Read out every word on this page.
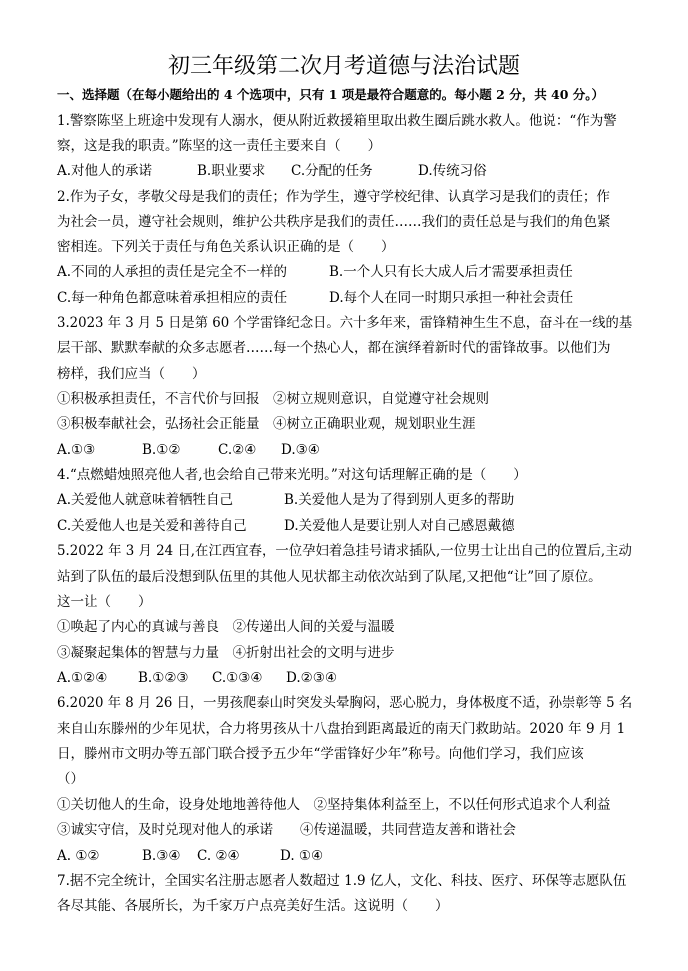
初三年级第二次月考道德与法治试题
一、选择题（在每小题给出的 4 个选项中，只有 1 项是最符合题意的。每小题 2 分，共 40 分。）
1.警察陈坚上班途中发现有人溺水，便从附近救援箱里取出救生圈后跳水救人。他说：“作为警
察，这是我的职责。”陈坚的这一责任主要来自（　　）
A.对他人的承诺	B.职业要求 C.分配的任务	D.传统习俗
2.作为子女，孝敬父母是我们的责任；作为学生，遵守学校纪律、认真学习是我们的责任；作
为社会一员，遵守社会规则，维护公共秩序是我们的责任……我们的责任总是与我们的角色紧
密相连。下列关于责任与角色关系认识正确的是（　　）
A.不同的人承担的责任是完全不一样的	B.一个人只有长大成人后才需要承担责任
C.每一种角色都意味着承担相应的责任	D.每个人在同一时期只承担一种社会责任
3.2023 年 3 月 5 日是第 60 个学雷锋纪念日。六十多年来，雷锋精神生生不息，奋斗在一线的基
层干部、默默奉献的众多志愿者……每一个热心人，都在演绎着新时代的雷锋故事。以他们为
榜样，我们应当（　　）
①积极承担责任，不言代价与回报　②树立规则意识，自觉遵守社会规则
③积极奉献社会，弘扬社会正能量　④树立正确职业观，规划职业生涯
A.①③	B.①②	C.②④ D.③④
4.“点燃蜡烛照亮他人者,也会给自己带来光明。”对这句话理解正确的是（　　）
A.关爱他人就意味着牺牲自己	B.关爱他人是为了得到别人更多的帮助
C.关爱他人也是关爱和善待自己	D.关爱他人是要让别人对自己感恩戴德
5.2022 年 3 月 24 日,在江西宜春，一位孕妇着急挂号请求插队,一位男士让出自己的位置后,主动
站到了队伍的最后没想到队伍里的其他人见状都主动依次站到了队尾,又把他“让”回了原位。
这一让（　　）
①唤起了内心的真诚与善良　②传递出人间的关爱与温暖
③凝聚起集体的智慧与力量　④折射出社会的文明与进步
A.①②④ B.①②③ C.①③④ D.②③④
6.2020 年 8 月 26 日，一男孩爬泰山时突发头晕胸闷，恶心脱力，身体极度不适，孙崇彰等 5 名
来自山东滕州的少年见状，合力将男孩从十八盘抬到距离最近的南天门救助站。2020 年 9 月 1
日，滕州市文明办等五部门联合授予五少年“学雷锋好少年”称号。向他们学习，我们应该
（）
①关切他人的生命，设身处地地善待他人　②坚持集体利益至上，不以任何形式追求个人利益
③诚实守信，及时兑现对他人的承诺　　④传递温暖，共同营造友善和谐社会
A. ①②	B.③④ C. ②④	D. ①④
7.据不完全统计，全国实名注册志愿者人数超过 1.9 亿人，文化、科技、医疗、环保等志愿队伍
各尽其能、各展所长，为千家万户点亮美好生活。这说明（　　）
